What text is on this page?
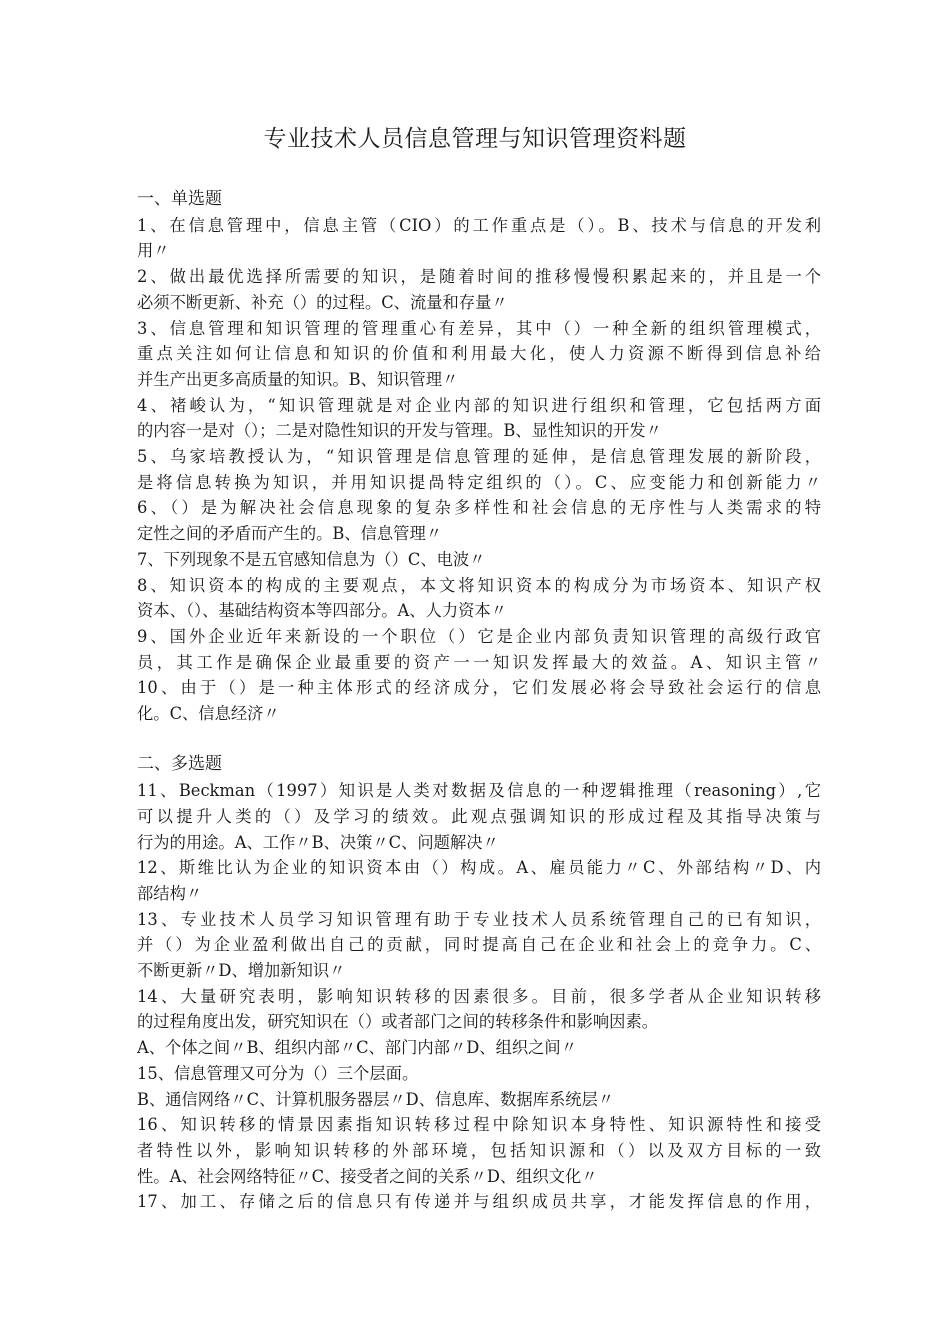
专业技术人员信息管理与知识管理资料题

一、单选题

1、在信息管理中，信息主管（CIO）的工作重点是（）。B、技术与信息的开发利

用〃

2、做出最优选择所需要的知识，是随着时间的推移慢慢积累起来的，并且是一个

必须不断更新、补充（）的过程。C、流量和存量〃

3、信息管理和知识管理的管理重心有差异，其中（）一种全新的组织管理模式，

重点关注如何让信息和知识的价值和利用最大化，使人力资源不断得到信息补给

并生产出更多高质量的知识。B、知识管理〃

4、褚峻认为，“知识管理就是对企业内部的知识进行组织和管理，它包括两方面

的内容一是对（）；二是对隐性知识的开发与管理。B、显性知识的开发〃

5、乌家培教授认为，“知识管理是信息管理的延伸，是信息管理发展的新阶段，

是将信息转换为知识，并用知识提咼特定组织的（）。C、应变能力和创新能力〃

6、（）是为解决社会信息现象的复杂多样性和社会信息的无序性与人类需求的特

定性之间的矛盾而产生的。B、信息管理〃

7、下列现象不是五官感知信息为（）C、电波〃

8、知识资本的构成的主要观点，本文将知识资本的构成分为市场资本、知识产权

资本、（）、基础结构资本等四部分。A、人力资本〃

9、国外企业近年来新设的一个职位（）它是企业内部负责知识管理的高级行政官

员，其工作是确保企业最重要的资产一一知识发挥最大的效益。A、知识主管〃

10、由于（）是一种主体形式的经济成分，它们发展必将会导致社会运行的信息

化。C、信息经济〃

二、多选题

11、Beckman（1997）知识是人类对数据及信息的一种逻辑推理（reasoning）,它

可以提升人类的（）及学习的绩效。此观点强调知识的形成过程及其指导决策与

行为的用途。A、工作〃B、决策〃C、问题解决〃

12、斯维比认为企业的知识资本由（）构成。A、雇员能力〃C、外部结构〃D、内

部结构〃

13、专业技术人员学习知识管理有助于专业技术人员系统管理自己的已有知识，

并（）为企业盈利做出自己的贡献，同时提高自己在企业和社会上的竞争力。C、

不断更新〃D、增加新知识〃

14、大量研究表明，影响知识转移的因素很多。目前，很多学者从企业知识转移

的过程角度出发，研究知识在（）或者部门之间的转移条件和影响因素。

A、个体之间〃B、组织内部〃C、部门内部〃D、组织之间〃

15、信息管理又可分为（）三个层面。

B、通信网络〃C、计算机服务器层〃D、信息库、数据库系统层〃

16、知识转移的情景因素指知识转移过程中除知识本身特性、知识源特性和接受

者特性以外，影响知识转移的外部环境，包括知识源和（）以及双方目标的一致

性。A、社会网络特征〃C、接受者之间的关系〃D、组织文化〃

17、加工、存储之后的信息只有传递并与组织成员共享，才能发挥信息的作用，
